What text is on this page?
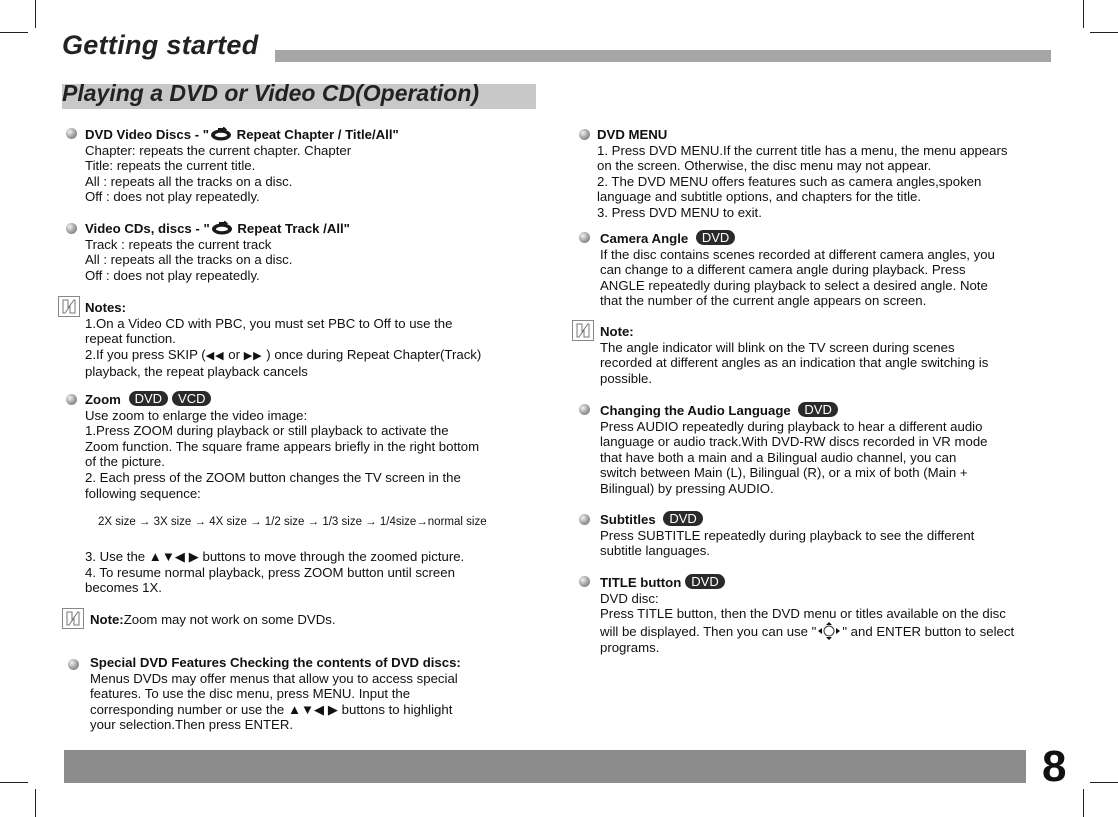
Getting started
Playing a DVD or Video CD(Operation)
DVD Video Discs - " Repeat Chapter / Title/All"
Chapter: repeats the current chapter. Chapter
Title: repeats the current title.
All : repeats all the tracks on a disc.
Off : does not play repeatedly.
Video CDs, discs - " Repeat Track /All"
Track : repeats the current track
All : repeats all the tracks on a disc.
Off : does not play repeatedly.
Notes:
1.On a Video CD with PBC, you must set PBC to Off to use the
repeat function.
2.If you press SKIP (◀◀ or ▶▶ ) once during Repeat Chapter(Track)
playback, the repeat playback cancels
Zoom DVD VCD
Use zoom to enlarge the video image:
1.Press ZOOM during playback or still playback to activate the
Zoom function. The square frame appears briefly in the right bottom
of the picture.
2. Each press of the ZOOM button changes the TV screen in the
following sequence:
2X size → 3X size → 4X size → 1/2 size → 1/3 size → 1/4size→normal size
3. Use the ▲▼◀ ▶ buttons to move through the zoomed picture.
4. To resume normal playback, press ZOOM button until screen
becomes 1X.
Note:Zoom may not work on some DVDs.
Special DVD Features Checking the contents of DVD discs:
Menus DVDs may offer menus that allow you to access special
features. To use the disc menu, press MENU. Input the
corresponding number or use the ▲▼◀ ▶ buttons to highlight
your selection.Then press ENTER.
DVD MENU
1. Press DVD MENU.If the current title has a menu, the menu appears
on the screen. Otherwise, the disc menu may not appear.
2. The DVD MENU offers features such as camera angles,spoken
language and subtitle options, and chapters for the title.
3. Press DVD MENU to exit.
Camera Angle DVD
If the disc contains scenes recorded at different camera angles, you
can change to a different camera angle during playback. Press
ANGLE repeatedly during playback to select a desired angle. Note
that the number of the current angle appears on screen.
Note:
The angle indicator will blink on the TV screen during scenes
recorded at different angles as an indication that angle switching is
possible.
Changing the Audio Language DVD
Press AUDIO repeatedly during playback to hear a different audio
language or audio track.With DVD-RW discs recorded in VR mode
that have both a main and a Bilingual audio channel, you can
switch between Main (L), Bilingual (R), or a mix of both (Main +
Bilingual) by pressing AUDIO.
Subtitles DVD
Press SUBTITLE repeatedly during playback to see the different
subtitle languages.
TITLE button DVD
DVD disc:
Press TITLE button, then the DVD menu or titles available on the disc
will be displayed. Then you can use " " and ENTER button to select
programs.
8
